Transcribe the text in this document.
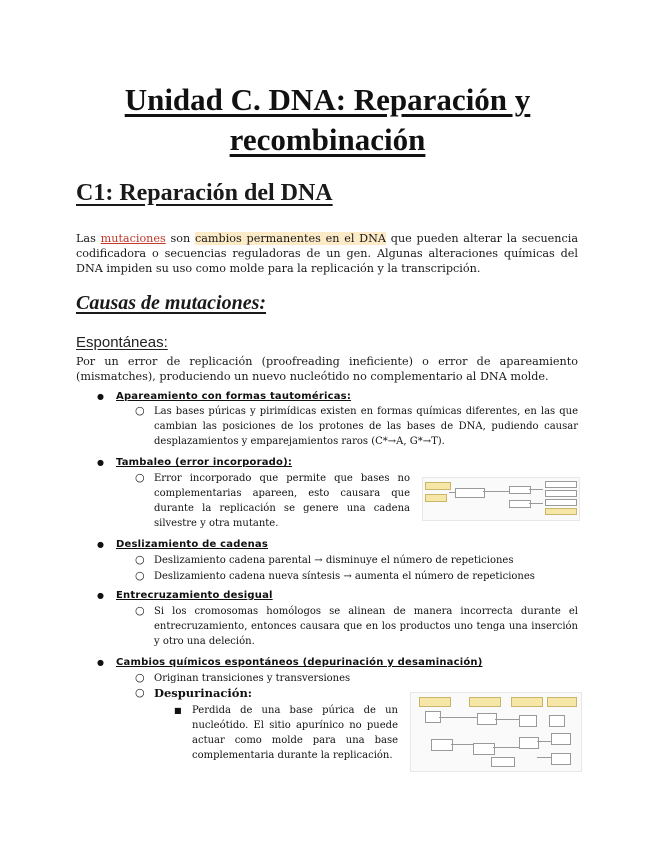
Unidad C. DNA: Reparación y
recombinación
C1: Reparación del DNA
Las mutaciones son cambios permanentes en el DNA que pueden alterar la secuencia codificadora o secuencias reguladoras de un gen. Algunas alteraciones químicas del DNA impiden su uso como molde para la replicación y la transcripción.
Causas de mutaciones:
Espontáneas:
Por un error de replicación (proofreading ineficiente) o error de apareamiento (mismatches), produciendo un nuevo nucleótido no complementario al DNA molde.
● Apareamiento con formas tautoméricas:
○ Las bases púricas y pirimídicas existen en formas químicas diferentes, en las que cambian las posiciones de los protones de las bases de DNA, pudiendo causar desplazamientos y emparejamientos raros (C*→A, G*→T).
● Tambaleo (error incorporado):
○ Error incorporado que permite que bases no complementarias apareen, esto causara que durante la replicación se genere una cadena silvestre y otra mutante.
● Deslizamiento de cadenas
○ Deslizamiento cadena parental → disminuye el número de repeticiones
○ Deslizamiento cadena nueva síntesis → aumenta el número de repeticiones
● Entrecruzamiento desigual
○ Si los cromosomas homólogos se alinean de manera incorrecta durante el entrecruzamiento, entonces causara que en los productos uno tenga una inserción y otro una deleción.
● Cambios químicos espontáneos (depurinación y desaminación)
○ Originan transiciones y transversiones
○ Despurinación:
■ Perdida de una base púrica de un nucleótido. El sitio apurínico no puede actuar como molde para una base complementaria durante la replicación.
